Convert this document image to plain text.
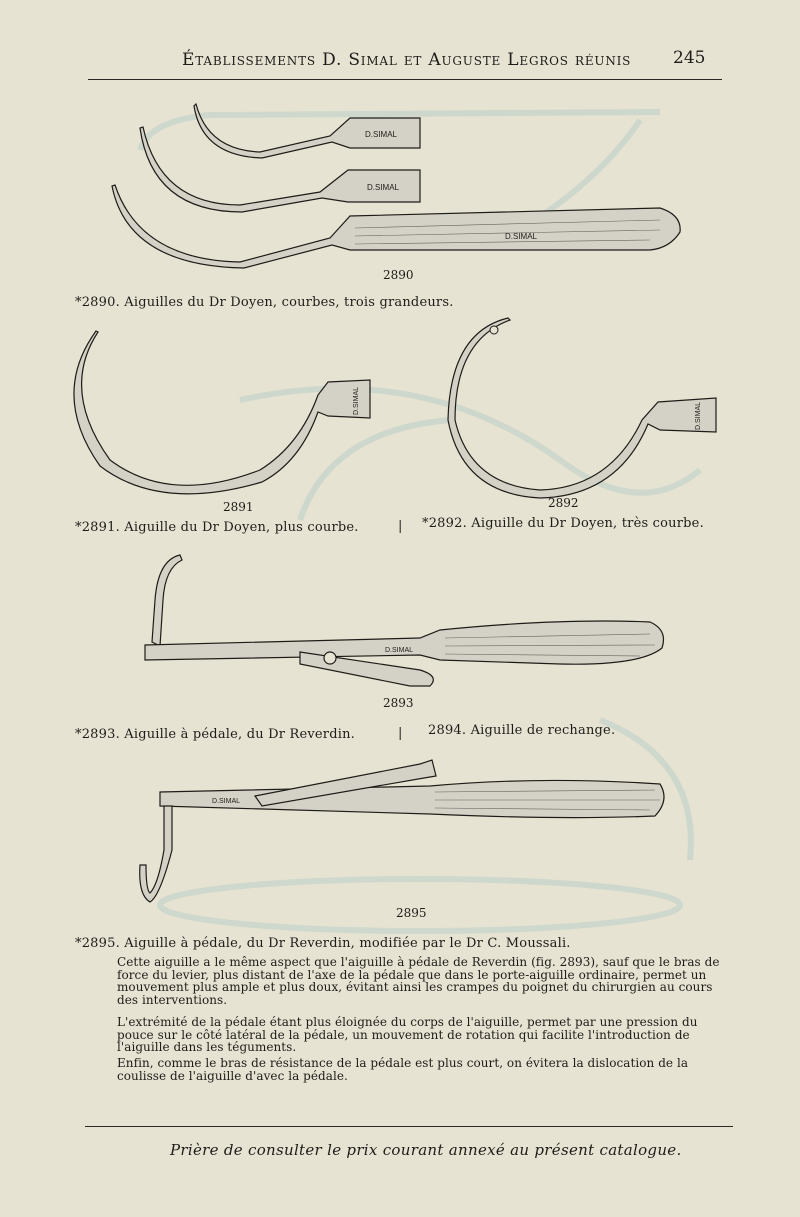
Établissements D. Simal et Auguste Legros réunis 245
D.SIMAL
D.SIMAL
D.SIMAL
2890
*2890. Aiguilles du Dr Doyen, courbes, trois grandeurs.
D.SIMAL
2891
*2891. Aiguille du Dr Doyen, plus courbe.	|
D.SIMAL
2892
*2892. Aiguille du Dr Doyen, très courbe.
D.SIMAL
2893
*2893. Aiguille à pédale, du Dr Reverdin.	| 2894. Aiguille de rechange.
D.SIMAL
2895
*2895. Aiguille à pédale, du Dr Reverdin, modifiée par le Dr C. Moussali.

Cette aiguille a le même aspect que l'aiguille à pédale de Reverdin (fig. 2893), sauf que le bras de force du levier, plus distant de l'axe de la pédale que dans le porte-aiguille ordinaire, permet un mouvement plus ample et plus doux, évitant ainsi les crampes du poignet du chirurgien au cours des interventions.

L'extrémité de la pédale étant plus éloignée du corps de l'aiguille, permet par une pression du pouce sur le côté latéral de la pédale, un mouvement de rotation qui facilite l'introduction de l'aiguille dans les téguments.

Enfin, comme le bras de résistance de la pédale est plus court, on évitera la dislocation de la coulisse de l'aiguille d'avec la pédale.

Prière de consulter le prix courant annexé au présent catalogue.
